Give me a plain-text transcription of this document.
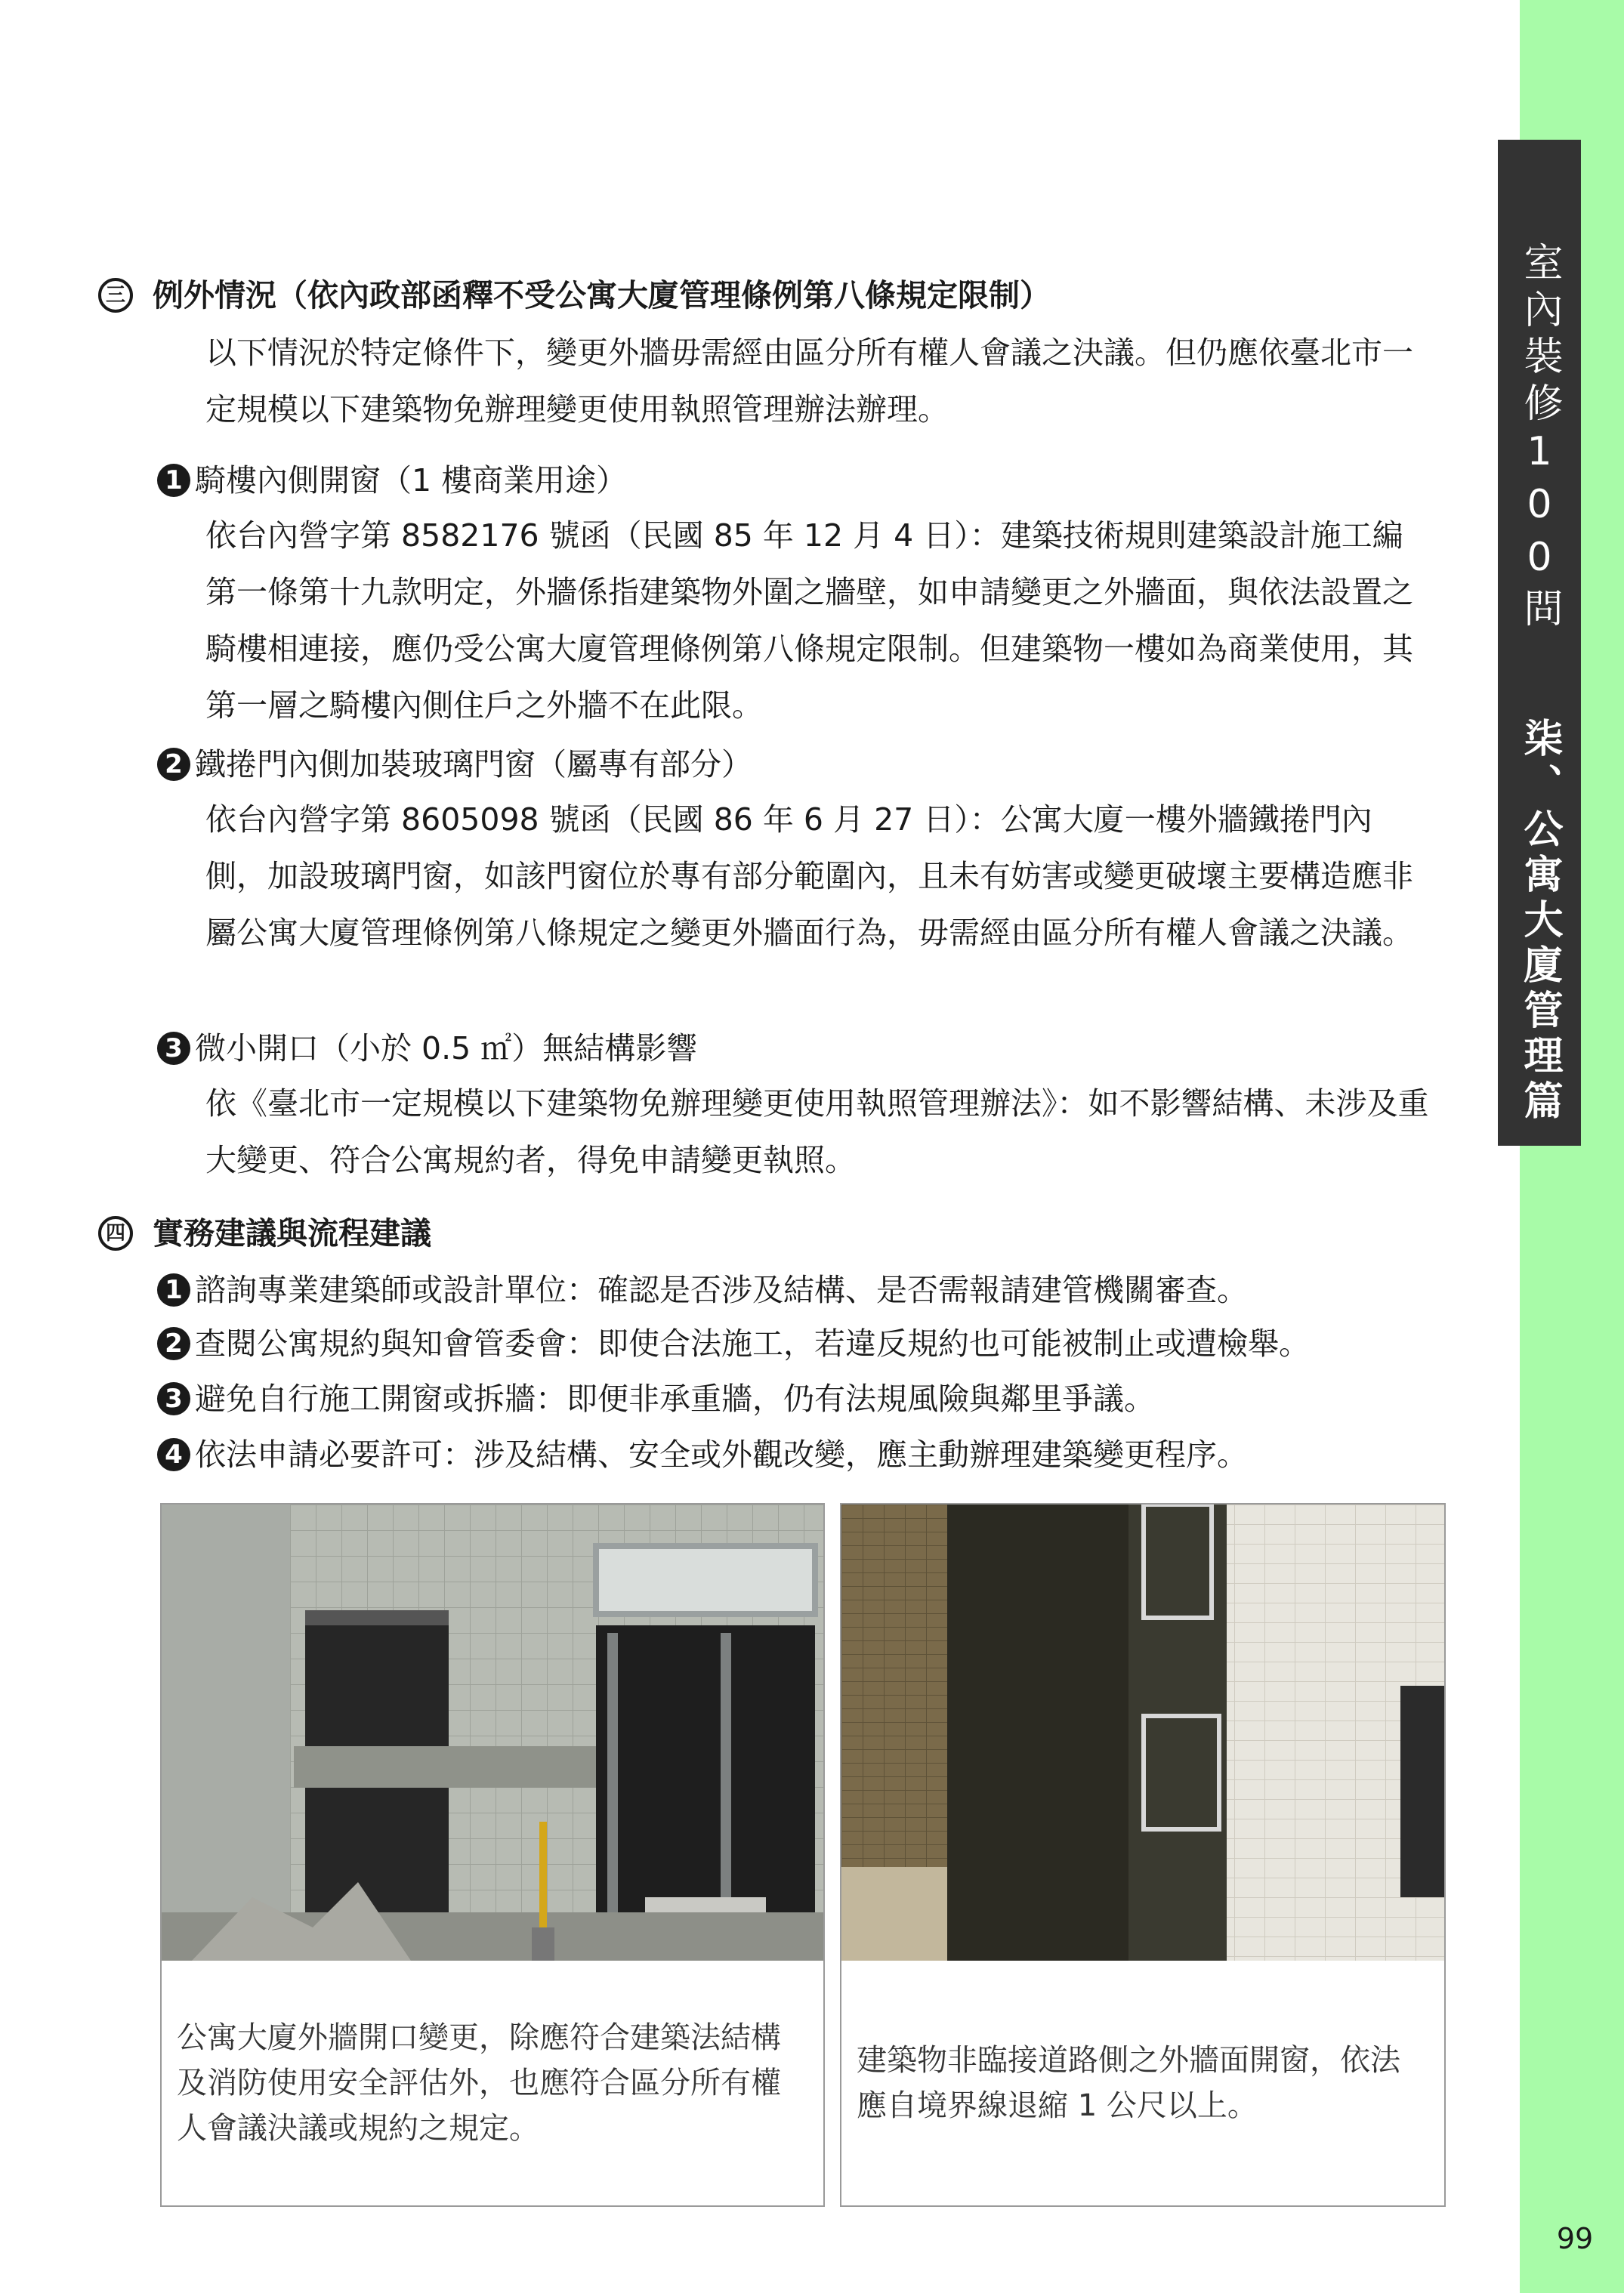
室內裝修100問
柒、公寓大廈管理篇
三 例外情況（依內政部函釋不受公寓大廈管理條例第八條規定限制）

以下情況於特定條件下，變更外牆毋需經由區分所有權人會議之決議。但仍應依臺北市一定規模以下建築物免辦理變更使用執照管理辦法辦理。

1 騎樓內側開窗（1 樓商業用途）

依台內營字第 8582176 號函（民國 85 年 12 月 4 日）：建築技術規則建築設計施工編第一條第十九款明定，外牆係指建築物外圍之牆壁，如申請變更之外牆面，與依法設置之騎樓相連接，應仍受公寓大廈管理條例第八條規定限制。但建築物一樓如為商業使用，其第一層之騎樓內側住戶之外牆不在此限。

2 鐵捲門內側加裝玻璃門窗（屬專有部分）

依台內營字第 8605098 號函（民國 86 年 6 月 27 日）：公寓大廈一樓外牆鐵捲門內側，加設玻璃門窗，如該門窗位於專有部分範圍內，且未有妨害或變更破壞主要構造應非屬公寓大廈管理條例第八條規定之變更外牆面行為，毋需經由區分所有權人會議之決議。

3 微小開口（小於 0.5 ㎡）無結構影響

依《臺北市一定規模以下建築物免辦理變更使用執照管理辦法》：如不影響結構、未涉及重大變更、符合公寓規約者，得免申請變更執照。

四 實務建議與流程建議
1 諮詢專業建築師或設計單位：確認是否涉及結構、是否需報請建管機關審查。
2 查閱公寓規約與知會管委會：即使合法施工，若違反規約也可能被制止或遭檢舉。
3 避免自行施工開窗或拆牆：即便非承重牆，仍有法規風險與鄰里爭議。
4 依法申請必要許可：涉及結構、安全或外觀改變，應主動辦理建築變更程序。

公寓大廈外牆開口變更，除應符合建築法結構及消防使用安全評估外，也應符合區分所有權人會議決議或規約之規定。

建築物非臨接道路側之外牆面開窗，依法應自境界線退縮 1 公尺以上。

99
